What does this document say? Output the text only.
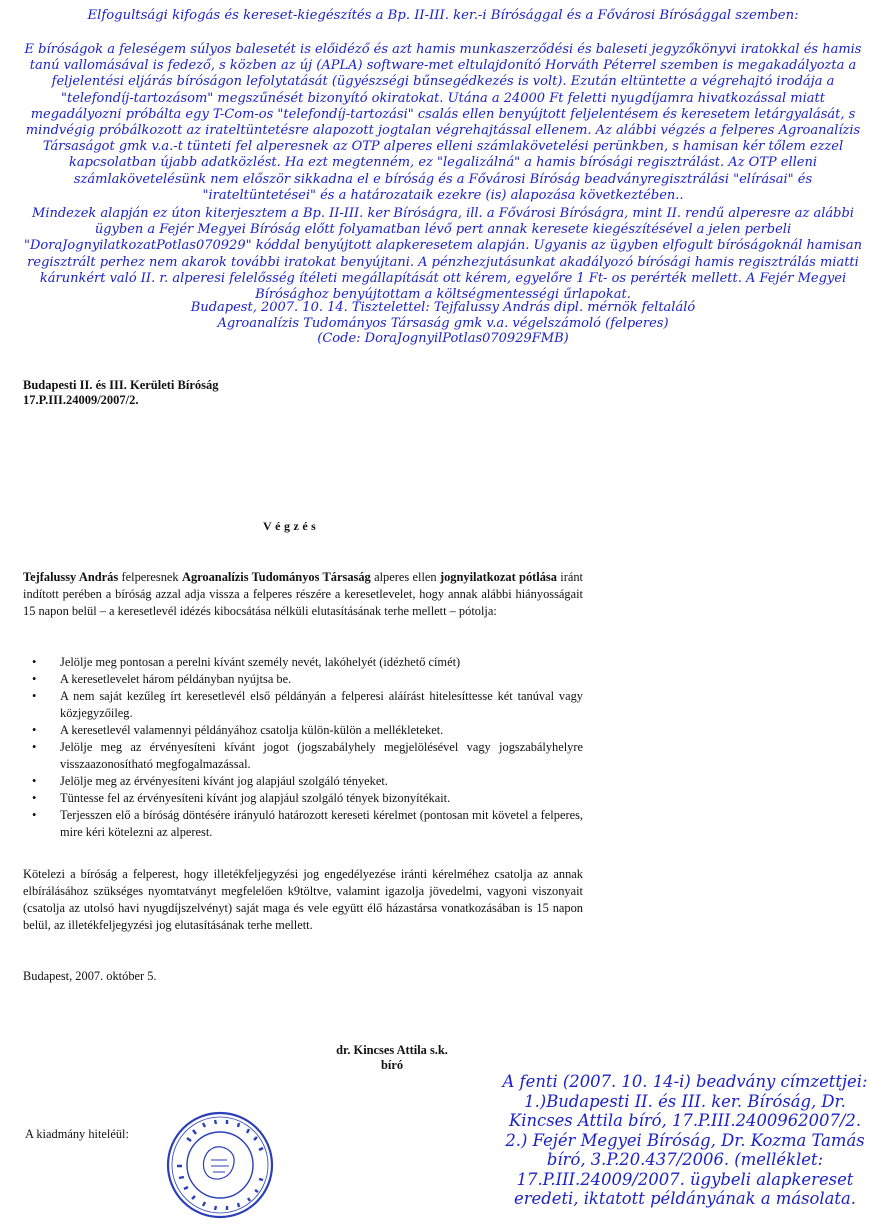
Elfogultsági kifogás és kereset-kiegészítés a Bp. II-III. ker.-i Bírósággal és a Fővárosi Bírósággal szemben:
E bíróságok a feleségem súlyos balesetét is előidéző és azt hamis munkaszerződési és baleseti jegyzőkönyvi iratokkal és hamis tanú vallomásával is fedező, s közben az új (APLA) software-met eltulajdonító Horváth Péterrel szemben is megakadályozta a feljelentési eljárás bíróságon lefolytatását (ügyészségi bűnsegédkezés is volt). Ezután eltüntette a végrehajtó irodája a "telefondíj-tartozásom" megszűnését bizonyító okiratokat. Utána a 24000 Ft feletti nyugdíjamra hivatkozással miatt megadályozni próbálta egy T-Com-os "telefondíj-tartozási" csalás ellen benyújtott feljelentésem és keresetem letárgyalását, s mindvégig próbálkozott az irateltüntetésre alapozott jogtalan végrehajtással ellenem. Az alábbi végzés a felperes Agroanalízis Társaságot gmk v.a.-t tünteti fel alperesnek az OTP alperes elleni számlakövetelési perünkben, s hamisan kér tőlem ezzel kapcsolatban újabb adatközlést. Ha ezt megtenném, ez "legalizálná" a hamis bírósági regisztrálást. Az OTP elleni számlakövetelésünk nem először sikkadna el e bíróság és a Fővárosi Bíróság beadványregisztrálási "elírásai" és "irateltüntetései" és a határozataik ezekre (is) alapozása következtében..
Mindezek alapján ez úton kiterjesztem a Bp. II-III. ker Bíróságra, ill. a Fővárosi Bíróságra, mint II. rendű alperesre az alábbi ügyben a Fejér Megyei Bíróság előtt folyamatban lévő pert annak keresete kiegészítésével a jelen perbeli "DoraJognyilatkozatPotlas070929" kóddal benyújtott alapkeresetem alapján. Ugyanis az ügyben elfogult bíróságoknál hamisan regisztrált perhez nem akarok további iratokat benyújtani. A pénzhezjutásunkat akadályozó bírósági hamis regisztrálás miatti kárunkért való II. r. alperesi felelősség ítéleti megállapítását ott kérem, egyelőre 1 Ft- os perérték mellett. A Fejér Megyei Bírósághoz benyújtottam a költségmentességi űrlapokat.
Budapest, 2007. 10. 14. Tisztelettel: Tejfalussy András dipl. mérnök feltaláló
Agroanalízis Tudományos Társaság gmk v.a. végelszámoló (felperes)
(Code: DoraJognyilPotlas070929FMB)
Budapesti II. és III. Kerületi Bíróság
17.P.III.24009/2007/2.
Végzés

Tejfalussy András felperesnek Agroanalízis Tudományos Társaság alperes ellen jognyilatkozat pótlása iránt indított perében a bíróság azzal adja vissza a felperes részére a keresetlevelet, hogy annak alábbi hiányosságait 15 napon belül – a keresetlevél idézés kibocsátása nélküli elutasításának terhe mellett – pótolja:

• Jelölje meg pontosan a perelni kívánt személy nevét, lakóhelyét (idézhető címét)
• A keresetlevelet három példányban nyújtsa be.
• A nem saját kezűleg írt keresetlevél első példányán a felperesi aláírást hitelesíttesse két tanúval vagy közjegyzőileg.
• A keresetlevél valamennyi példányához csatolja külön-külön a mellékleteket.
• Jelölje meg az érvényesíteni kívánt jogot (jogszabályhely megjelölésével vagy jogszabályhelyre visszaazonosítható megfogalmazással.
• Jelölje meg az érvényesíteni kívánt jog alapjául szolgáló tényeket.
• Tüntesse fel az érvényesíteni kívánt jog alapjául szolgáló tények bizonyítékait.
• Terjesszen elő a bíróság döntésére irányuló határozott kereseti kérelmet (pontosan mit követel a felperes, mire kéri kötelezni az alperest.

Kötelezi a bíróság a felperest, hogy illetékfeljegyzési jog engedélyezése iránti kérelméhez csatolja az annak elbírálásához szükséges nyomtatványt megfelelően k9töltve, valamint igazolja jövedelmi, vagyoni viszonyait (csatolja az utolsó havi nyugdíjszelvényt) saját maga és vele együtt élő házastársa vonatkozásában is 15 napon belül, az illetékfeljegyzési jog elutasításának terhe mellett.

Budapest, 2007. október 5.
dr. Kincses Attila s.k.
bíró
A kiadmány hiteléül:
A fenti (2007. 10. 14-i) beadvány címzettjei:
1.)Budapesti II. és III. ker. Bíróság, Dr.
Kincses Attila bíró, 17.P.III.2400962007/2.
2.) Fejér Megyei Bíróság, Dr. Kozma Tamás
bíró, 3.P.20.437/2006. (melléklet:
17.P.III.24009/2007. ügybeli alapkereset
eredeti, iktatott példányának a másolata.
